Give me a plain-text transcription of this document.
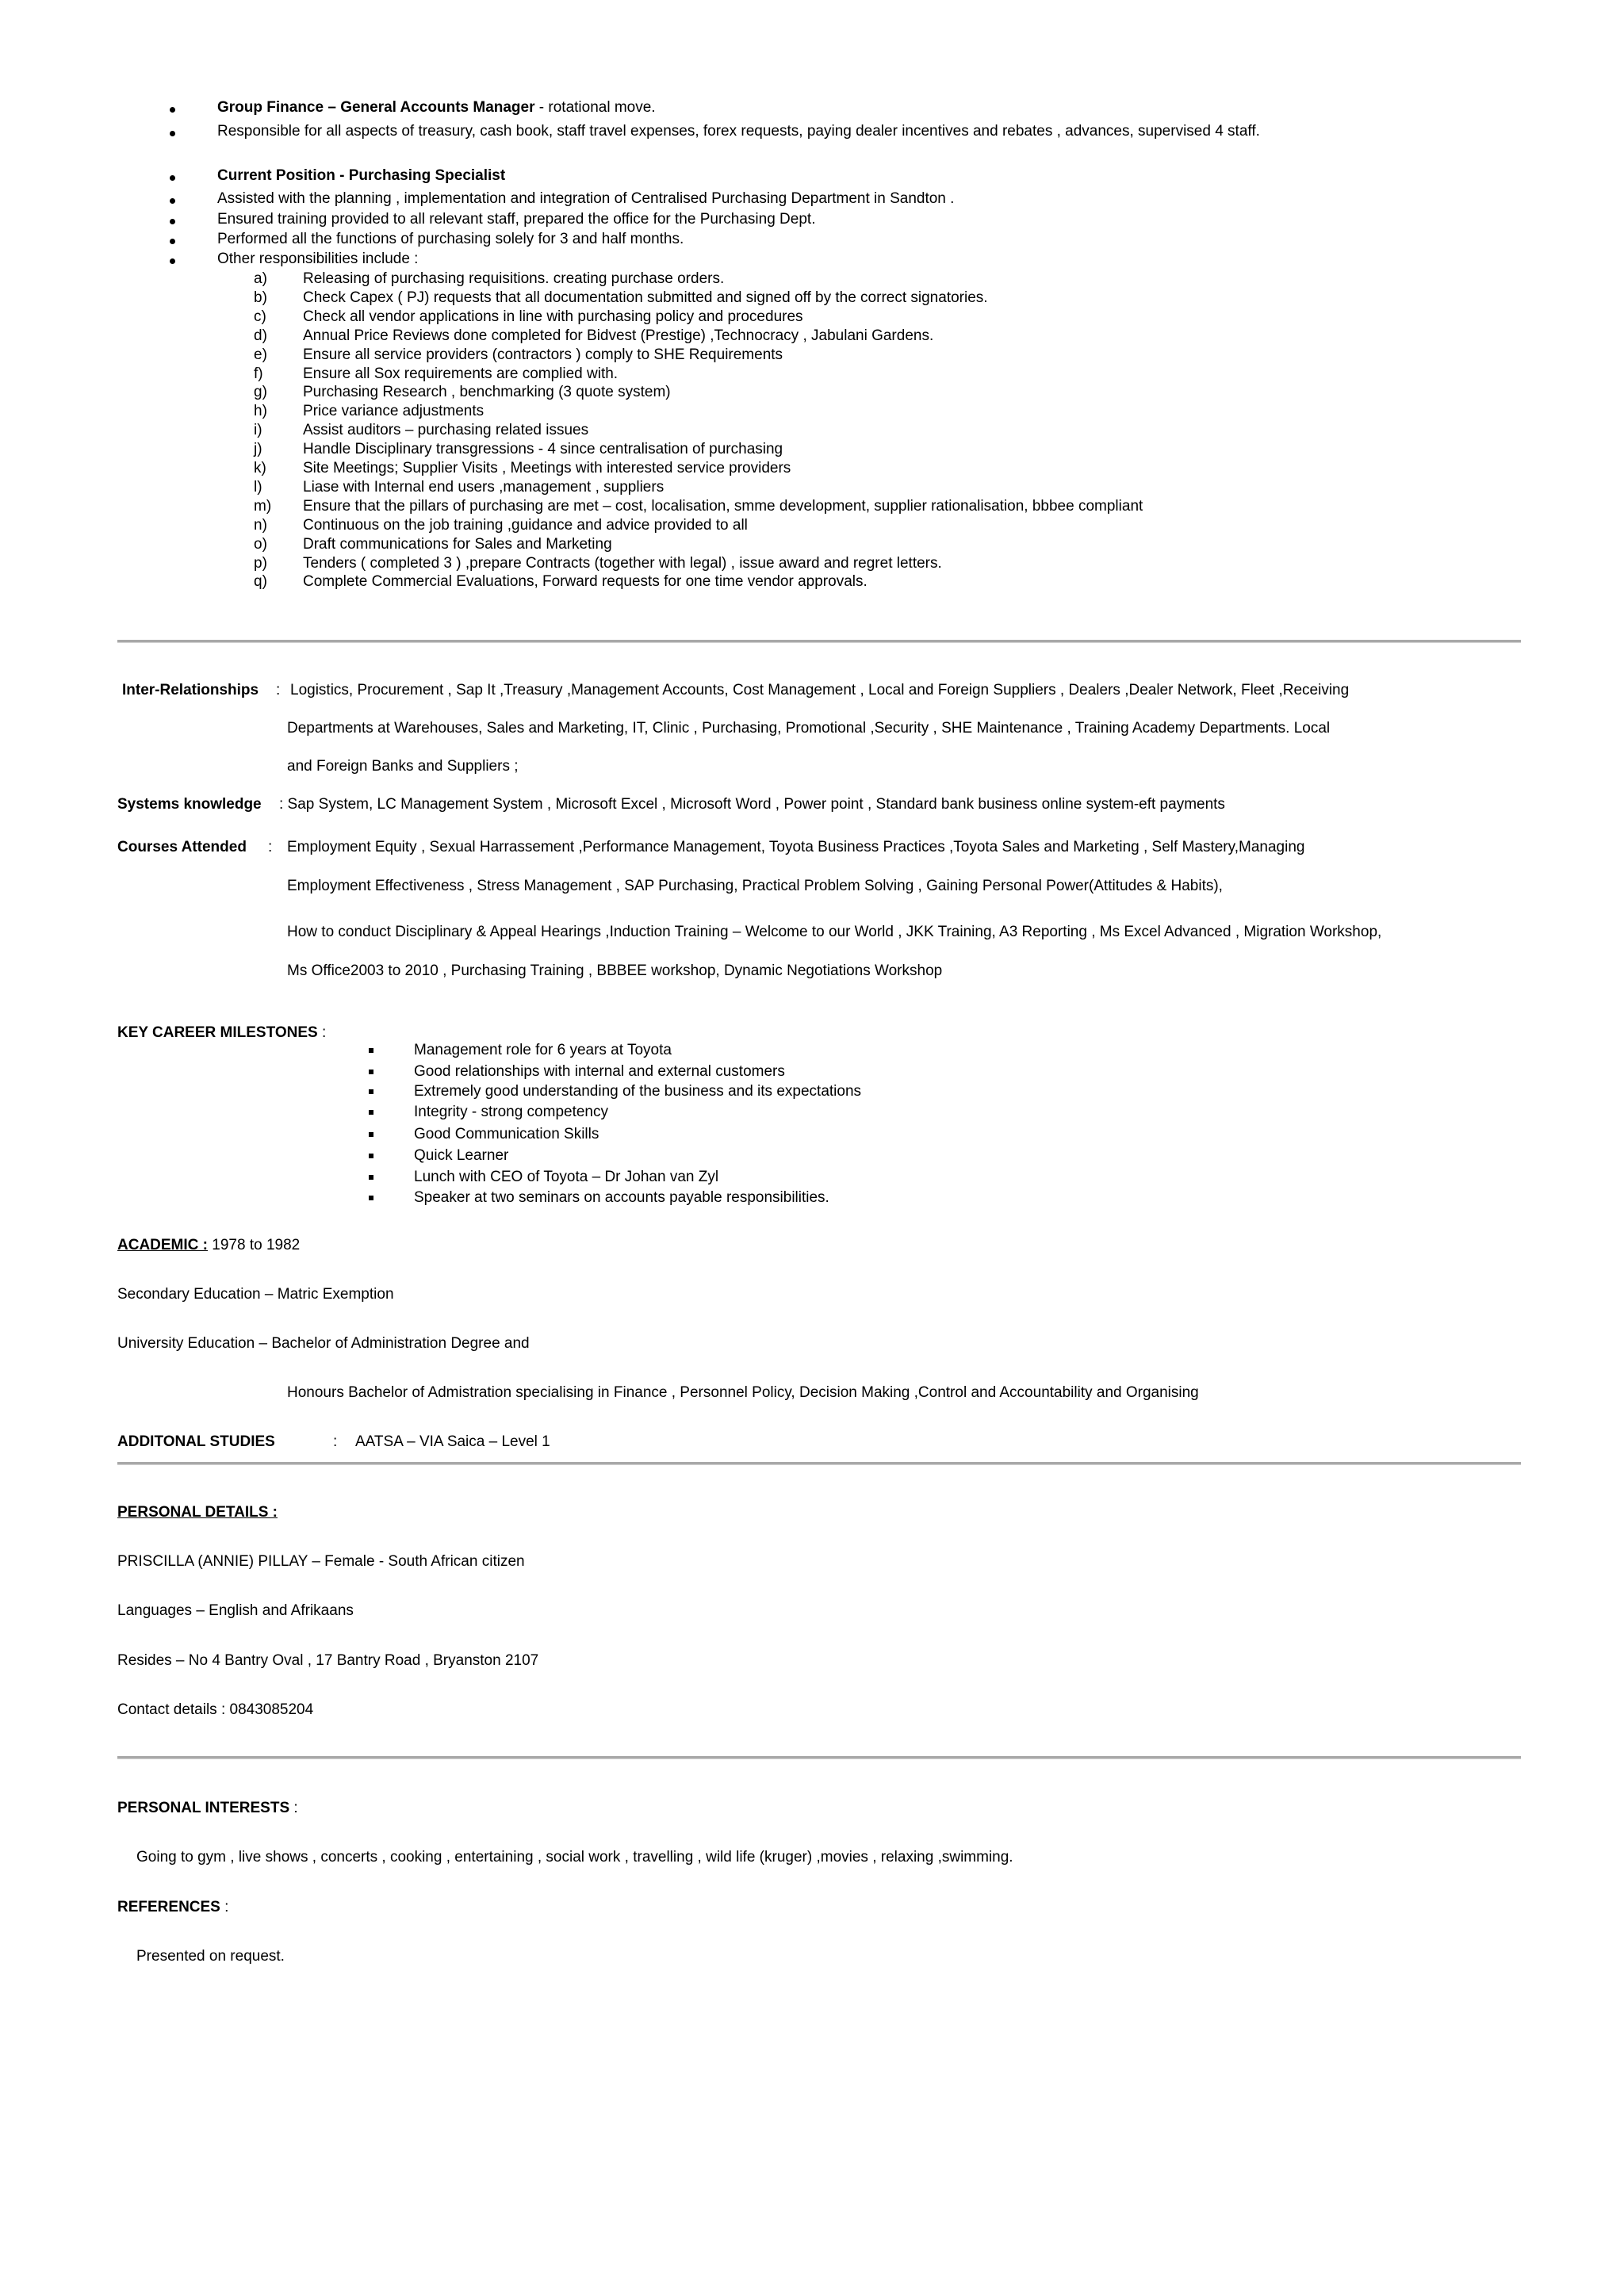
Group Finance – General Accounts Manager - rotational move.
Responsible for all aspects of treasury, cash book, staff travel expenses, forex requests, paying dealer incentives and rebates , advances, supervised 4 staff.
Current Position - Purchasing Specialist
Assisted with the planning , implementation and integration of Centralised Purchasing Department in Sandton .
Ensured training provided to all relevant staff, prepared the office for the Purchasing Dept.
Performed all the functions of purchasing solely for 3 and half months.
Other responsibilities include :
a) Releasing of purchasing requisitions. creating purchase orders.
b) Check Capex ( PJ) requests that all documentation submitted and signed off by the correct signatories.
c) Check all vendor applications in line with purchasing policy and procedures
d) Annual Price Reviews done completed for Bidvest (Prestige) ,Technocracy , Jabulani Gardens.
e) Ensure all service providers (contractors ) comply to SHE Requirements
f)	Ensure all Sox requirements are complied with.
g) Purchasing Research , benchmarking (3 quote system)
h) Price variance adjustments
i)	Assist auditors – purchasing related issues
j)	Handle Disciplinary transgressions - 4 since centralisation of purchasing
k) Site Meetings; Supplier Visits , Meetings with interested service providers
l)	Liase with Internal end users ,management , suppliers
m) Ensure that the pillars of purchasing are met – cost, localisation, smme development, supplier rationalisation, bbbee compliant
n) Continuous on the job training ,guidance and advice provided to all
o) Draft communications for Sales and Marketing
p) Tenders ( completed 3 ) ,prepare Contracts (together with legal) , issue award and regret letters.
q) Complete Commercial Evaluations, Forward requests for one time vendor approvals.
Inter-Relationships : Logistics, Procurement , Sap It ,Treasury ,Management Accounts, Cost Management , Local and Foreign Suppliers , Dealers ,Dealer Network, Fleet ,Receiving
Departments at Warehouses, Sales and Marketing, IT, Clinic , Purchasing, Promotional ,Security , SHE Maintenance , Training Academy Departments. Local
and Foreign Banks and Suppliers ;
Systems knowledge : Sap System, LC Management System , Microsoft Excel , Microsoft Word , Power point , Standard bank business online system-eft payments
Courses Attended : Employment Equity , Sexual Harrassement ,Performance Management, Toyota Business Practices ,Toyota Sales and Marketing , Self Mastery,Managing
Employment Effectiveness , Stress Management , SAP Purchasing, Practical Problem Solving , Gaining Personal Power(Attitudes & Habits),
How to conduct Disciplinary & Appeal Hearings ,Induction Training – Welcome to our World , JKK Training, A3 Reporting , Ms Excel Advanced , Migration Workshop,
Ms Office2003 to 2010 , Purchasing Training , BBBEE workshop, Dynamic Negotiations Workshop
KEY CAREER MILESTONES :
Management role for 6 years at Toyota
Good relationships with internal and external customers
Extremely good understanding of the business and its expectations
Integrity - strong competency
Good Communication Skills
Quick Learner
Lunch with CEO of Toyota – Dr Johan van Zyl
Speaker at two seminars on accounts payable responsibilities.
ACADEMIC : 1978 to 1982
Secondary Education – Matric Exemption
University Education – Bachelor of Administration Degree and
Honours Bachelor of Admistration specialising in Finance , Personnel Policy, Decision Making ,Control and Accountability and Organising
ADDITONAL STUDIES	: AATSA – VIA Saica – Level 1
PERSONAL DETAILS :
PRISCILLA (ANNIE) PILLAY – Female - South African citizen
Languages – English and Afrikaans
Resides – No 4 Bantry Oval , 17 Bantry Road , Bryanston 2107
Contact details : 0843085204
PERSONAL INTERESTS :
Going to gym , live shows , concerts , cooking , entertaining , social work , travelling , wild life (kruger) ,movies , relaxing ,swimming.
REFERENCES :
Presented on request.
